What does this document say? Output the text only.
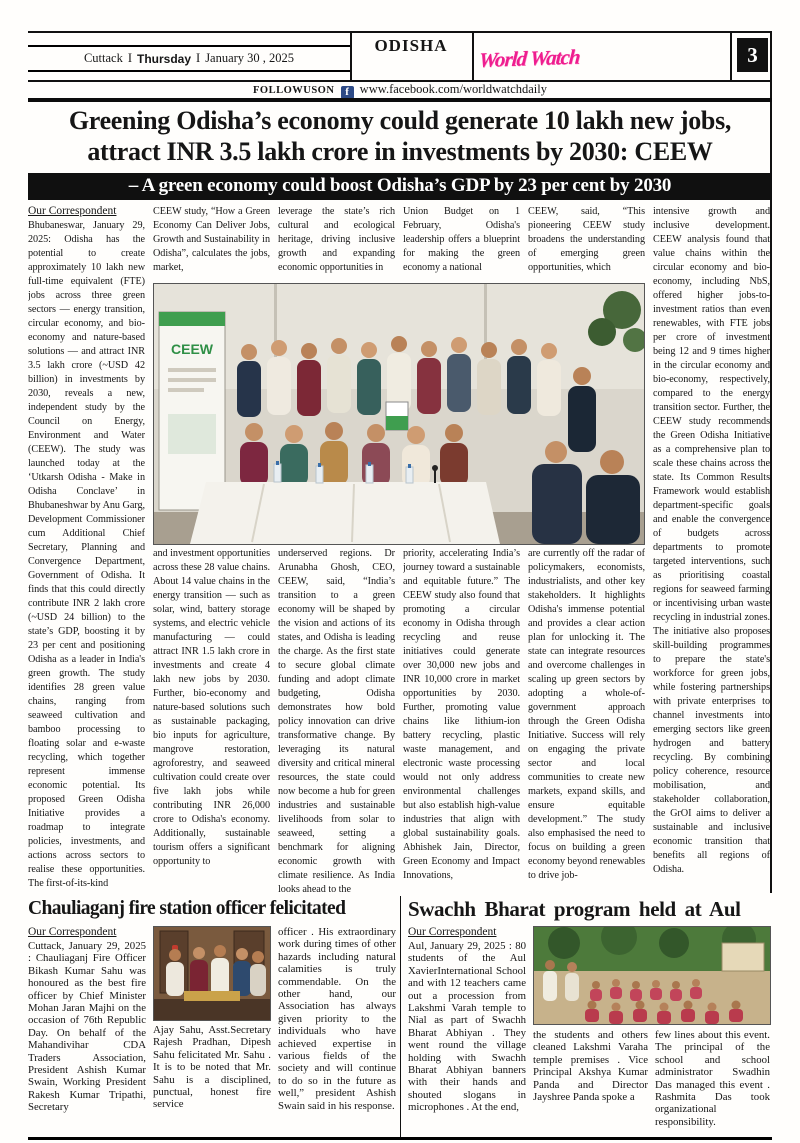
Cuttack I Thursday I January 30 , 2025
ODISHA	World Watch	3
FOLLOWUSON f www.facebook.com/worldwatchdaily
Greening Odisha’s economy could generate 10 lakh new jobs,
attract INR 3.5 lakh crore in investments by 2030: CEEW
– A green economy could boost Odisha’s GDP by 23 per cent by 2030
Our Correspondent

Bhubaneswar, January 29, 2025: Odisha has the potential to create approximately 10 lakh new full-time equivalent (FTE) jobs across three green sectors — energy transition, circular economy, and bio-economy and nature-based solutions — and attract INR 3.5 lakh crore (~USD 42 billion) in investments by 2030, reveals a new, independent study by the Council on Energy, Environment and Water (CEEW). The study was launched today at the ‘Utkarsh Odisha - Make in Odisha Conclave’ in Bhubaneshwar by Anu Garg, Development Commissioner cum Additional Chief Secretary, Planning and Convergence Department, Government of Odisha. It finds that this could directly contribute INR 2 lakh crore (~USD 24 billion) to the state’s GDP, boosting it by 23 per cent and positioning Odisha as a leader in India's green growth. The study identifies 28 green value chains, ranging from seaweed cultivation and bamboo processing to floating solar and e-waste recycling, which together represent immense economic potential. Its proposed Green Odisha Initiative provides a roadmap to integrate policies, investments, and actions across sectors to realise these opportunities. The first-of-its-kind

CEEW study, “How a Green Economy Can Deliver Jobs, Growth and Sustainability in Odisha”, calculates the jobs, market,

leverage the state’s rich cultural and ecological heritage, driving inclusive growth and expanding economic opportunities in

Union Budget on 1 February, Odisha's leadership offers a blueprint for making the green economy a national

CEEW, said, “This pioneering CEEW study broadens the understanding of emerging green opportunities, which

CEEW

and investment opportunities across these 28 value chains. About 14 value chains in the energy transition — such as solar, wind, battery storage systems, and electric vehicle manufacturing — could attract INR 1.5 lakh crore in investments and create 4 lakh new jobs by 2030. Further, bio-economy and nature-based solutions such as sustainable packaging, bio inputs for agriculture, mangrove restoration, agroforestry, and seaweed cultivation could create over five lakh jobs while contributing INR 26,000 crore to Odisha's economy. Additionally, sustainable tourism offers a significant opportunity to

underserved regions. Dr Arunabha Ghosh, CEO, CEEW, said, “India’s transition to a green economy will be shaped by the vision and actions of its states, and Odisha is leading the charge. As the first state to secure global climate funding and adopt climate budgeting, Odisha demonstrates how bold policy innovation can drive transformative change. By leveraging its natural diversity and critical mineral resources, the state could now become a hub for green industries and sustainable livelihoods from solar to seaweed, setting a benchmark for aligning economic growth with climate resilience. As India looks ahead to the

priority, accelerating India’s journey toward a sustainable and equitable future.” The CEEW study also found that promoting a circular economy in Odisha through recycling and reuse initiatives could generate over 30,000 new jobs and INR 10,000 crore in market opportunities by 2030. Further, promoting value chains like lithium-ion battery recycling, plastic waste management, and electronic waste processing would not only address environmental challenges but also establish high-value industries that align with global sustainability goals. Abhishek Jain, Director, Green Economy and Impact Innovations,

are currently off the radar of policymakers, economists, industrialists, and other key stakeholders. It highlights Odisha's immense potential and provides a clear action plan for unlocking it. The state can integrate resources and overcome challenges in scaling up green sectors by adopting a whole-of-government approach through the Green Odisha Initiative. Success will rely on engaging the private sector and local communities to create new markets, expand skills, and ensure equitable development.” The study also emphasised the need to focus on building a green economy beyond renewables to drive job-

intensive growth and inclusive development. CEEW analysis found that value chains within the circular economy and bio-economy, including NbS, offered higher jobs-to-investment ratios than even renewables, with FTE jobs per crore of investment being 12 and 9 times higher in the circular economy and bio-economy, respectively, compared to the energy transition sector. Further, the CEEW study recommends the Green Odisha Initiative as a comprehensive plan to scale these chains across the state. Its Common Results Framework would establish department-specific goals and enable the convergence of budgets across departments to promote targeted interventions, such as prioritising coastal regions for seaweed farming or incentivising urban waste recycling in industrial zones. The initiative also proposes skill-building programmes to prepare the state's workforce for green jobs, while fostering partnerships with private enterprises to channel investments into emerging sectors like green hydrogen and battery recycling. By combining policy coherence, resource mobilisation, and stakeholder collaboration, the GrOI aims to deliver a sustainable and inclusive economic transition that benefits all regions of Odisha.

Chauliaganj fire station officer felicitated
Our Correspondent

Cuttack, January 29, 2025 : Chauliaganj Fire Officer Bikash Kumar Sahu was honoured as the best fire officer by Chief Minister Mohan Jaran Majhi on the occasion of 76th Republic Day. On behalf of the Mahandivihar CDA Traders Association, President Ashish Kumar Swain, Working President Rakesh Kumar Tripathi, Secretary

Ajay Sahu, Asst.Secretary Rajesh Pradhan, Dipesh Sahu felicitated Mr. Sahu . It is to be noted that Mr. Sahu is a disciplined, punctual, honest fire service

officer . His extraordinary work during times of other hazards including natural calamities is truly commendable. On the other hand, our Association has always given priority to the individuals who have achieved expertise in various fields of the society and will continue to do so in the future as well,” president Ashish Swain said in his response.

Swachh Bharat program held at Aul
Our Correspondent

Aul, January 29, 2025 : 80 students of the Aul XavierInternational School and with 12 teachers came out a procession from Lakshmi Varah temple to Nial as part of Swachh Bharat Abhiyan . They went round the village holding with Swachh Bharat Abhiyan banners with their hands and shouted slogans in microphones . At the end,

the students and others cleaned Lakshmi Varaha temple premises . Vice Principal Akshya Kumar Panda and Director Jayshree Panda spoke a

few lines about this event. The principal of the school and school administrator Swadhin Das managed this event . Rashmita Das took organizational responsibility.
